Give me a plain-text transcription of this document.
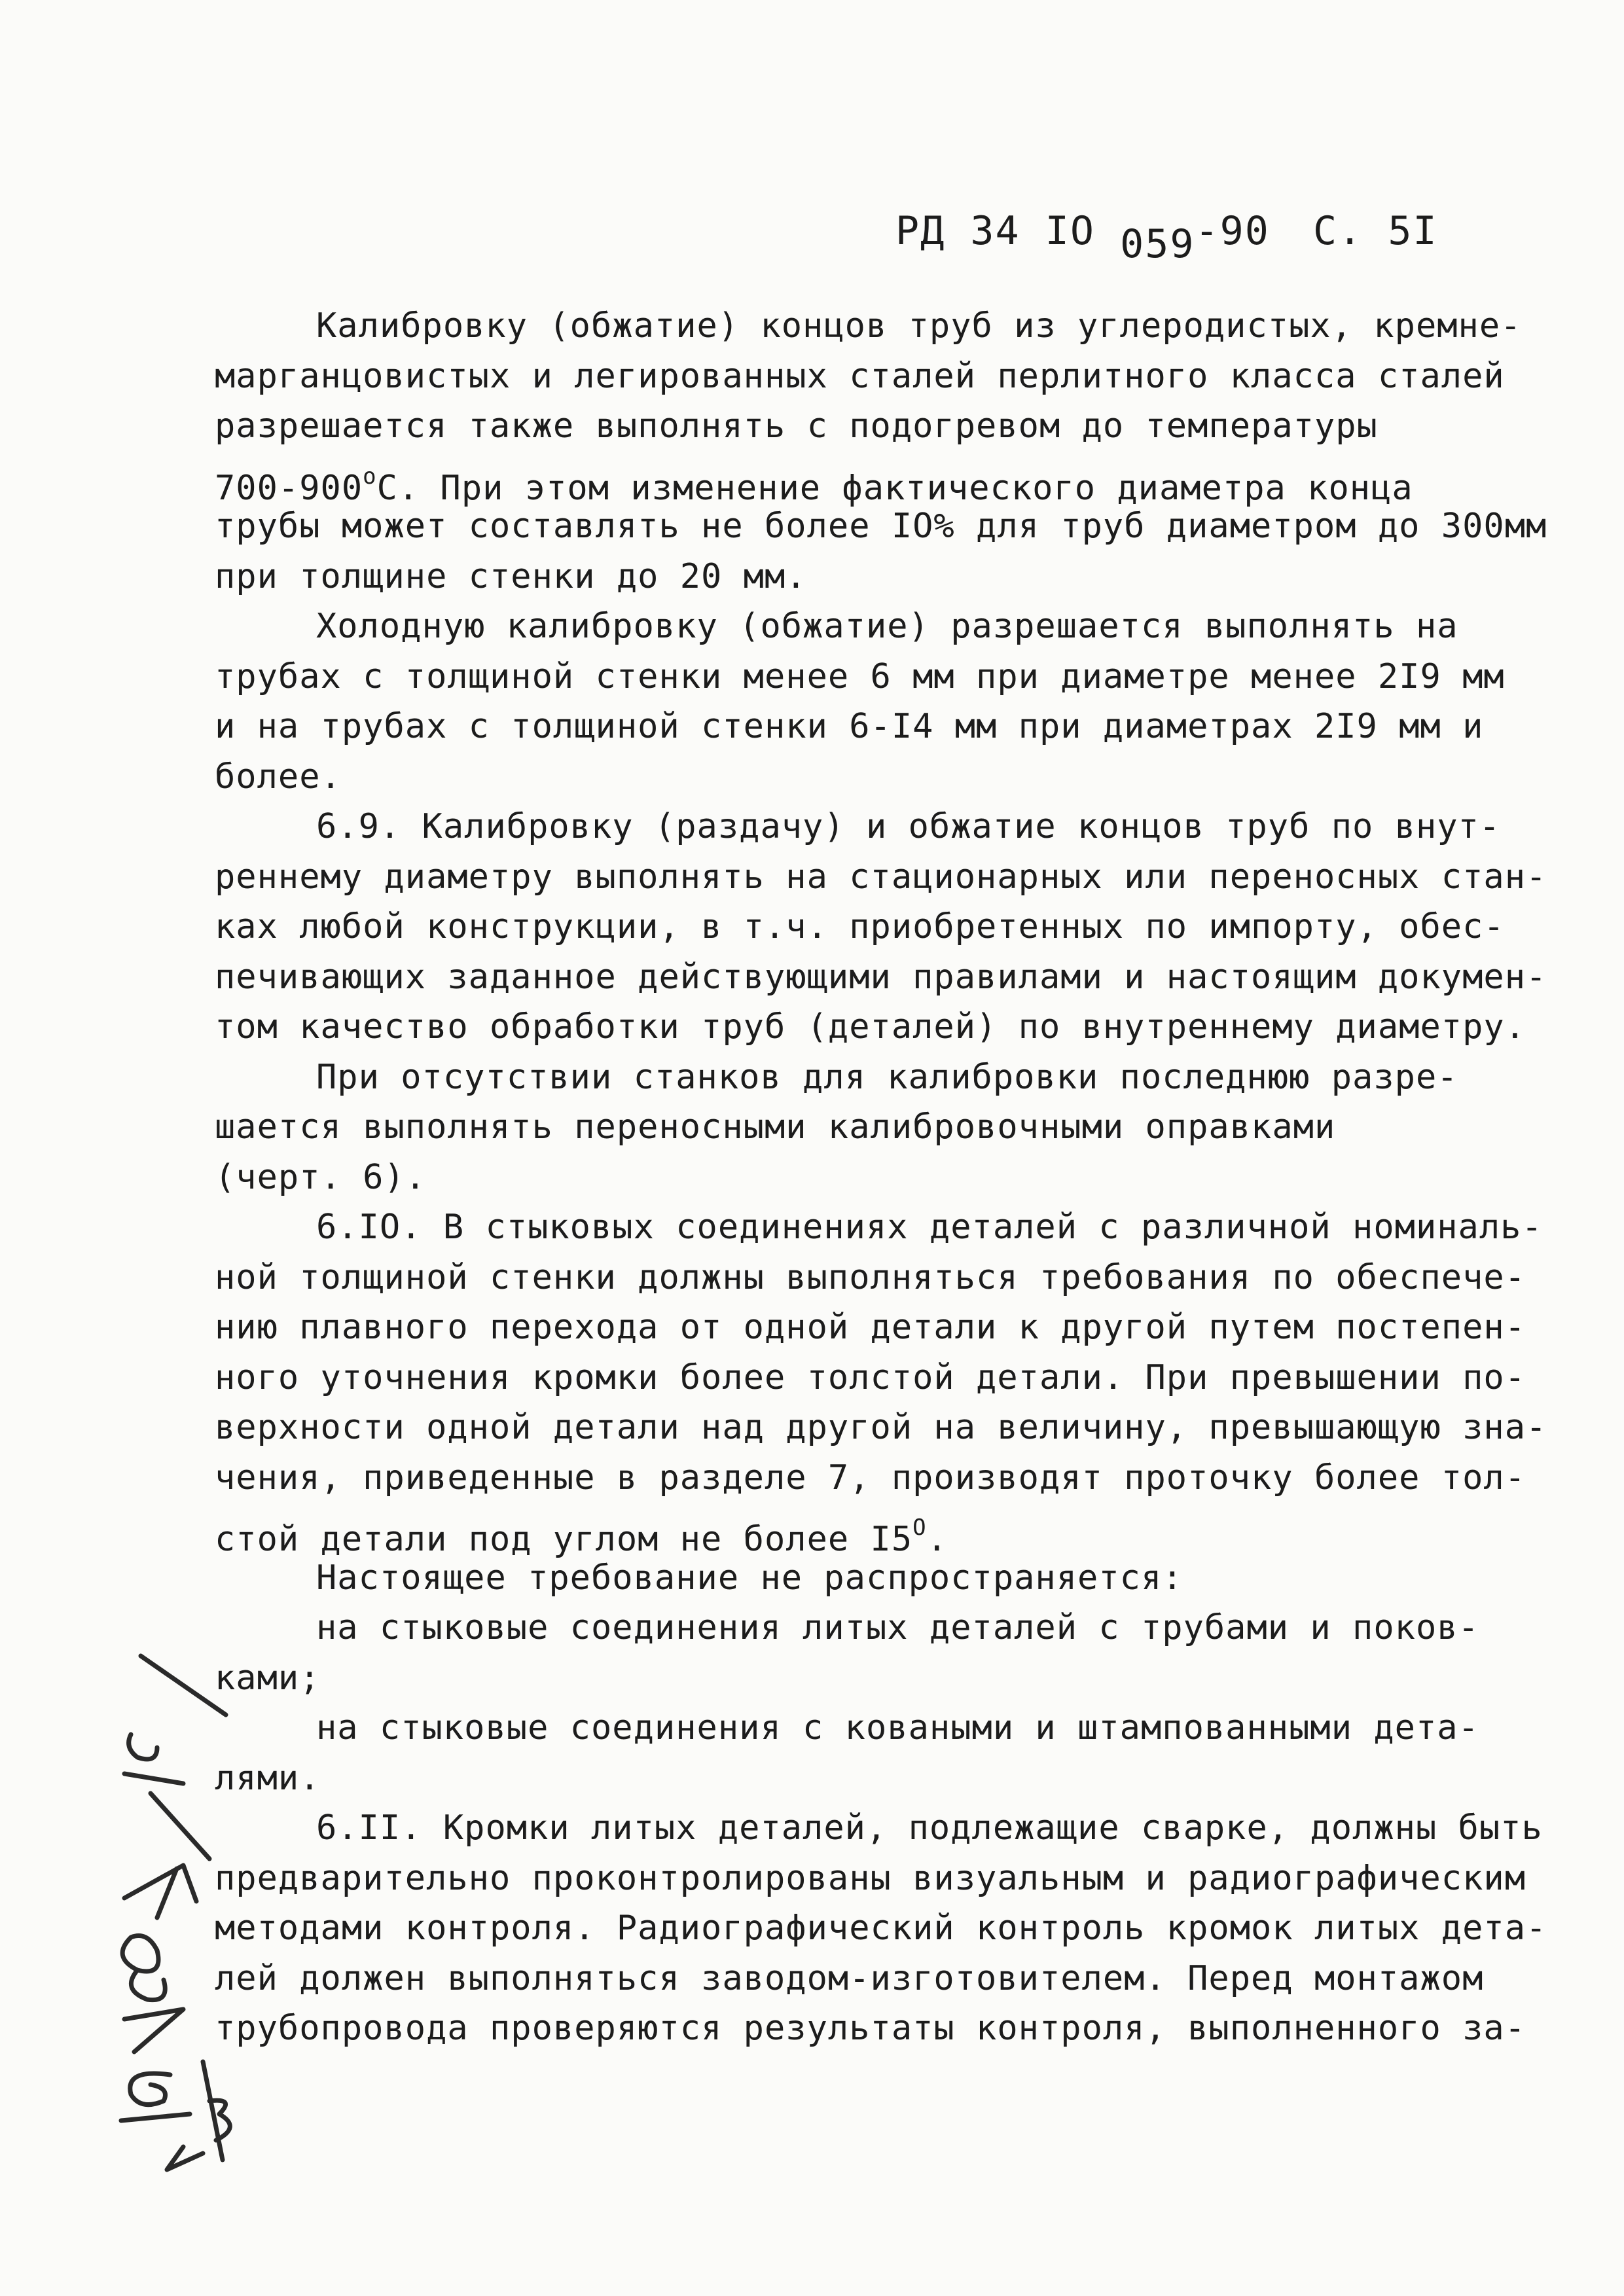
РД 34 IO 059-90 С. 5I
Калибровку (обжатие) концов труб из углеродистых, кремне-
марганцовистых и легированных сталей перлитного класса сталей
разрешается также выполнять с подогревом до температуры
$700-900^оС$. При этом изменение фактического диаметра конца
трубы может составлять не более IO% для труб диаметром до 300мм
при толщине стенки до 20 мм.
Холодную калибровку (обжатие) разрешается выполнять на
трубах с толщиной стенки менее 6 мм при диаметре менее 2I9 мм
и на трубах с толщиной стенки 6-I4 мм при диаметрах 2I9 мм и
более.
6.9. Калибровку (раздачу) и обжатие концов труб по внут-
реннему диаметру выполнять на стационарных или переносных стан-
ках любой конструкции, в т.ч. приобретенных по импорту, обес-
печивающих заданное действующими правилами и настоящим докумен-
том качество обработки труб (деталей) по внутреннему диаметру.
При отсутствии станков для калибровки последнюю разре-
шается выполнять переносными калибровочными оправками
(черт. 6).
6.IO. В стыковых соединениях деталей с различной номиналь-
ной толщиной стенки должны выполняться требования по обеспече-
нию плавного перехода от одной детали к другой путем постепен-
ного уточнения кромки более толстой детали. При превышении по-
верхности одной детали над другой на величину, превышающую зна-
чения, приведенные в разделе 7, производят проточку более тол-
стой детали под углом не более $I5^О$.
Настоящее требование не распространяется:
на стыковые соединения литых деталей с трубами и поков-
ками;
на стыковые соединения с коваными и штампованными дета-
лями.
6.II. Кромки литых деталей, подлежащие сварке, должны быть
предварительно проконтролированы визуальным и радиографическим
методами контроля. Радиографический контроль кромок литых дета-
лей должен выполняться заводом-изготовителем. Перед монтажом
трубопровода проверяются результаты контроля, выполненного за-
